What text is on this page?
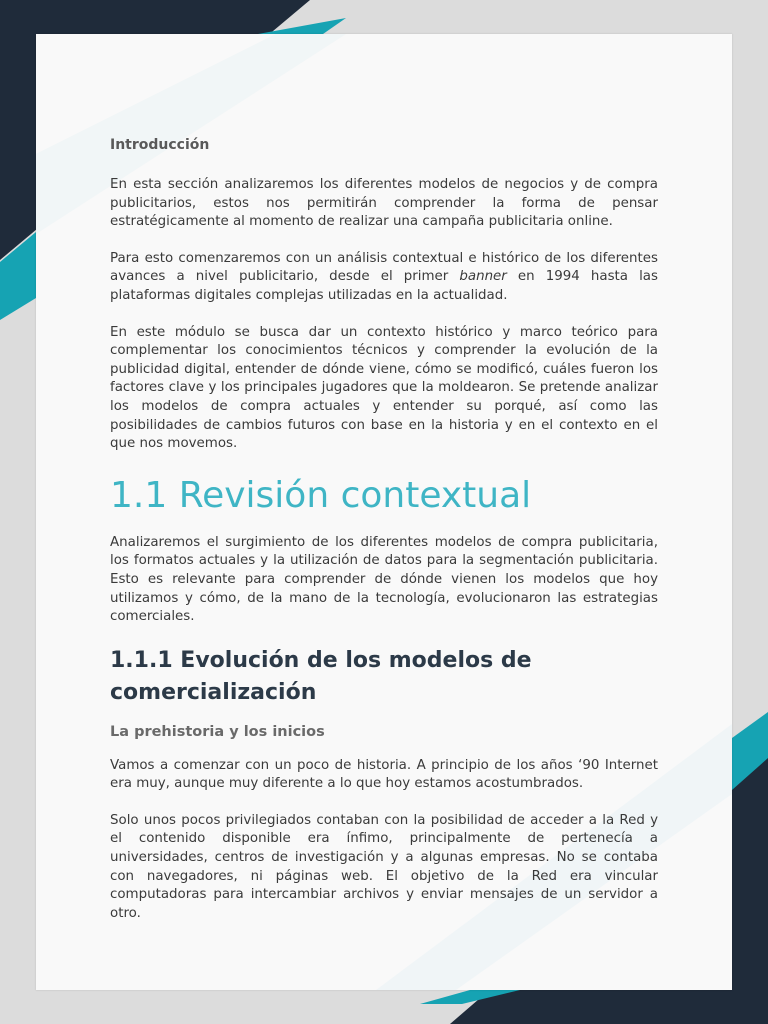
Introducción

En esta sección analizaremos los diferentes modelos de negocios y de compra publicitarios, estos nos permitirán comprender la forma de pensar estratégicamente al momento de realizar una campaña publicitaria online.

Para esto comenzaremos con un análisis contextual e histórico de los diferentes avances a nivel publicitario, desde el primer banner en 1994 hasta las plataformas digitales complejas utilizadas en la actualidad.

En este módulo se busca dar un contexto histórico y marco teórico para complementar los conocimientos técnicos y comprender la evolución de la publicidad digital, entender de dónde viene, cómo se modificó, cuáles fueron los factores clave y los principales jugadores que la moldearon. Se pretende analizar los modelos de compra actuales y entender su porqué, así como las posibilidades de cambios futuros con base en la historia y en el contexto en el que nos movemos.

1.1 Revisión contextual

Analizaremos el surgimiento de los diferentes modelos de compra publicitaria, los formatos actuales y la utilización de datos para la segmentación publicitaria. Esto es relevante para comprender de dónde vienen los modelos que hoy utilizamos y cómo, de la mano de la tecnología, evolucionaron las estrategias comerciales.

1.1.1 Evolución de los modelos de comercialización
La prehistoria y los inicios

Vamos a comenzar con un poco de historia. A principio de los años ‘90 Internet era muy, aunque muy diferente a lo que hoy estamos acostumbrados.

Solo unos pocos privilegiados contaban con la posibilidad de acceder a la Red y el contenido disponible era ínfimo, principalmente de pertenecía a universidades, centros de investigación y a algunas empresas. No se contaba con navegadores, ni páginas web. El objetivo de la Red era vincular computadoras para intercambiar archivos y enviar mensajes de un servidor a otro.
